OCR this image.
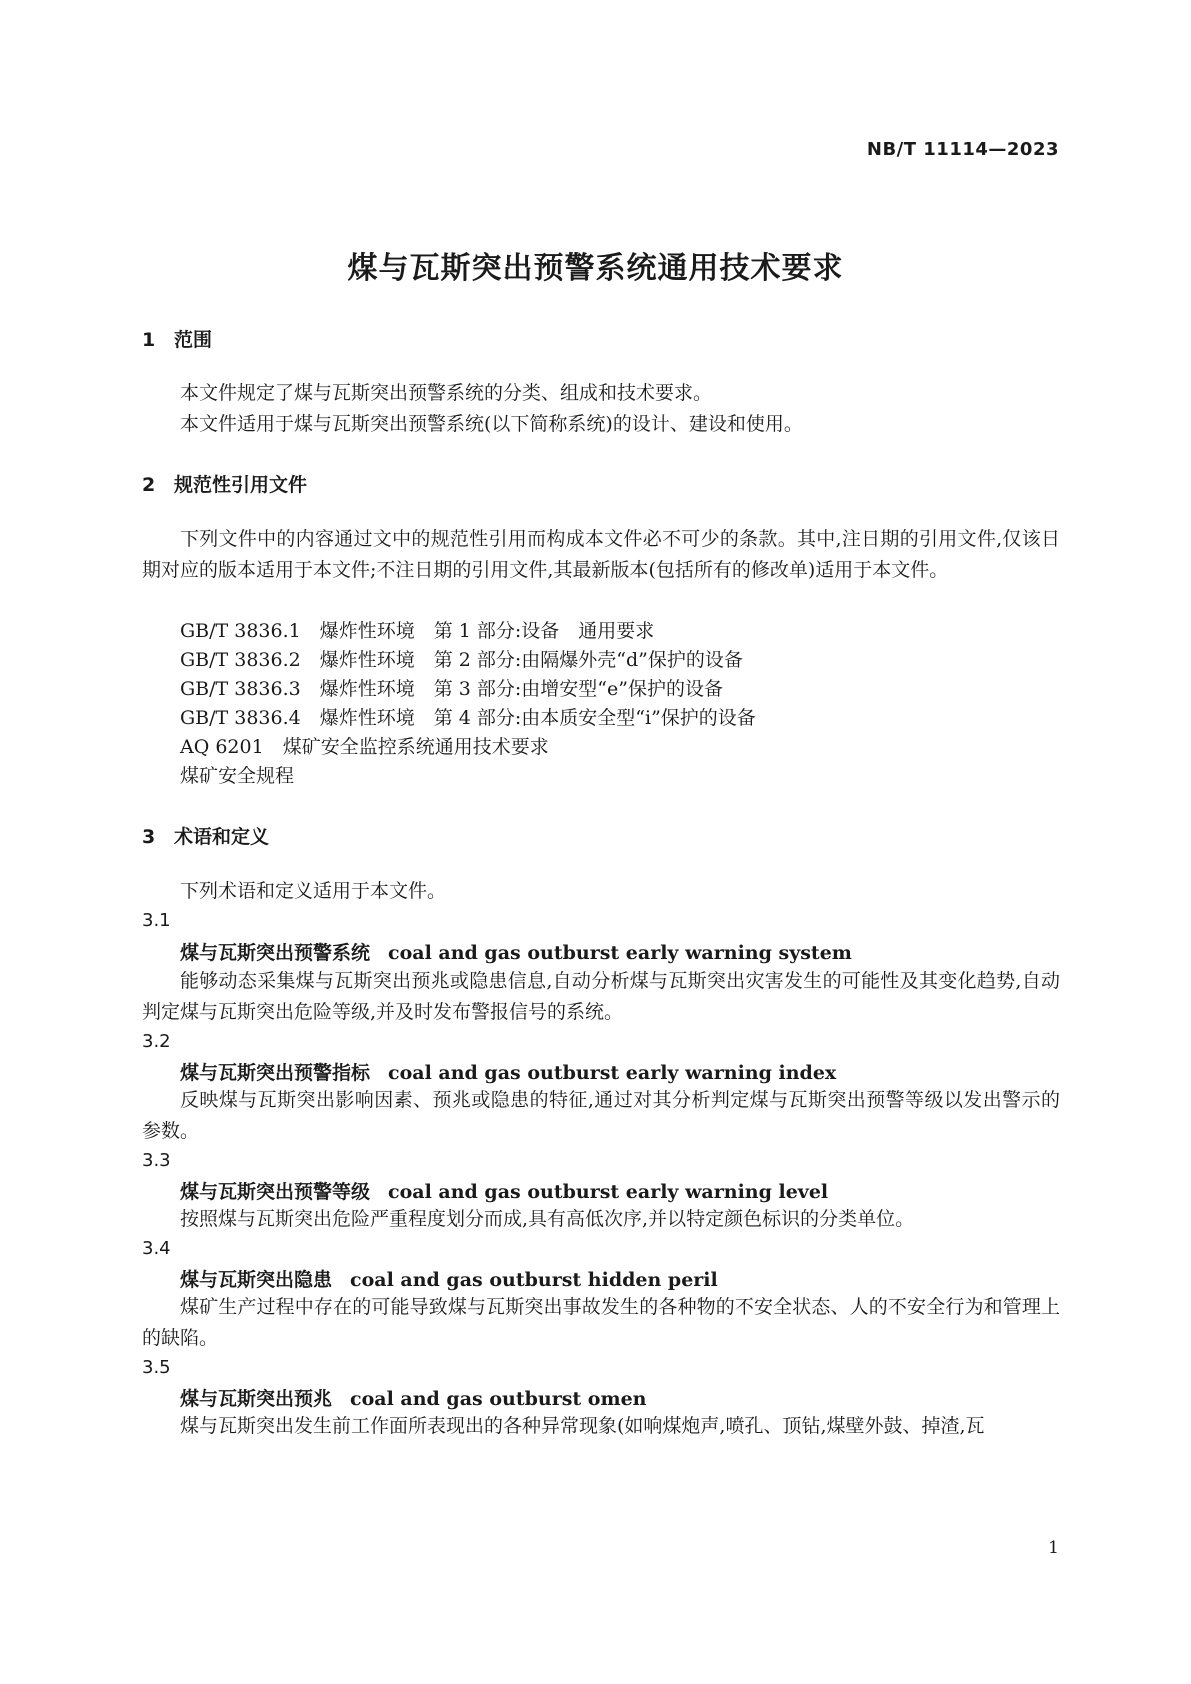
NB/T 11114—2023
煤与瓦斯突出预警系统通用技术要求
1 范围
本文件规定了煤与瓦斯突出预警系统的分类、组成和技术要求。
本文件适用于煤与瓦斯突出预警系统(以下简称系统)的设计、建设和使用。
2 规范性引用文件
下列文件中的内容通过文中的规范性引用而构成本文件必不可少的条款。其中,注日期的引用文件,仅该日期对应的版本适用于本文件;不注日期的引用文件,其最新版本(包括所有的修改单)适用于本文件。
GB/T 3836.1　爆炸性环境　第 1 部分:设备　通用要求
GB/T 3836.2　爆炸性环境　第 2 部分:由隔爆外壳“d”保护的设备
GB/T 3836.3　爆炸性环境　第 3 部分:由增安型“e”保护的设备
GB/T 3836.4　爆炸性环境　第 4 部分:由本质安全型“i”保护的设备
AQ 6201　煤矿安全监控系统通用技术要求
煤矿安全规程
3 术语和定义
下列术语和定义适用于本文件。
3.1
煤与瓦斯突出预警系统 coal and gas outburst early warning system
能够动态采集煤与瓦斯突出预兆或隐患信息,自动分析煤与瓦斯突出灾害发生的可能性及其变化趋势,自动判定煤与瓦斯突出危险等级,并及时发布警报信号的系统。
3.2
煤与瓦斯突出预警指标 coal and gas outburst early warning index
反映煤与瓦斯突出影响因素、预兆或隐患的特征,通过对其分析判定煤与瓦斯突出预警等级以发出警示的参数。
3.3
煤与瓦斯突出预警等级 coal and gas outburst early warning level
按照煤与瓦斯突出危险严重程度划分而成,具有高低次序,并以特定颜色标识的分类单位。
3.4
煤与瓦斯突出隐患 coal and gas outburst hidden peril
煤矿生产过程中存在的可能导致煤与瓦斯突出事故发生的各种物的不安全状态、人的不安全行为和管理上的缺陷。
3.5
煤与瓦斯突出预兆 coal and gas outburst omen
煤与瓦斯突出发生前工作面所表现出的各种异常现象(如响煤炮声,喷孔、顶钻,煤壁外鼓、掉渣,瓦
1
